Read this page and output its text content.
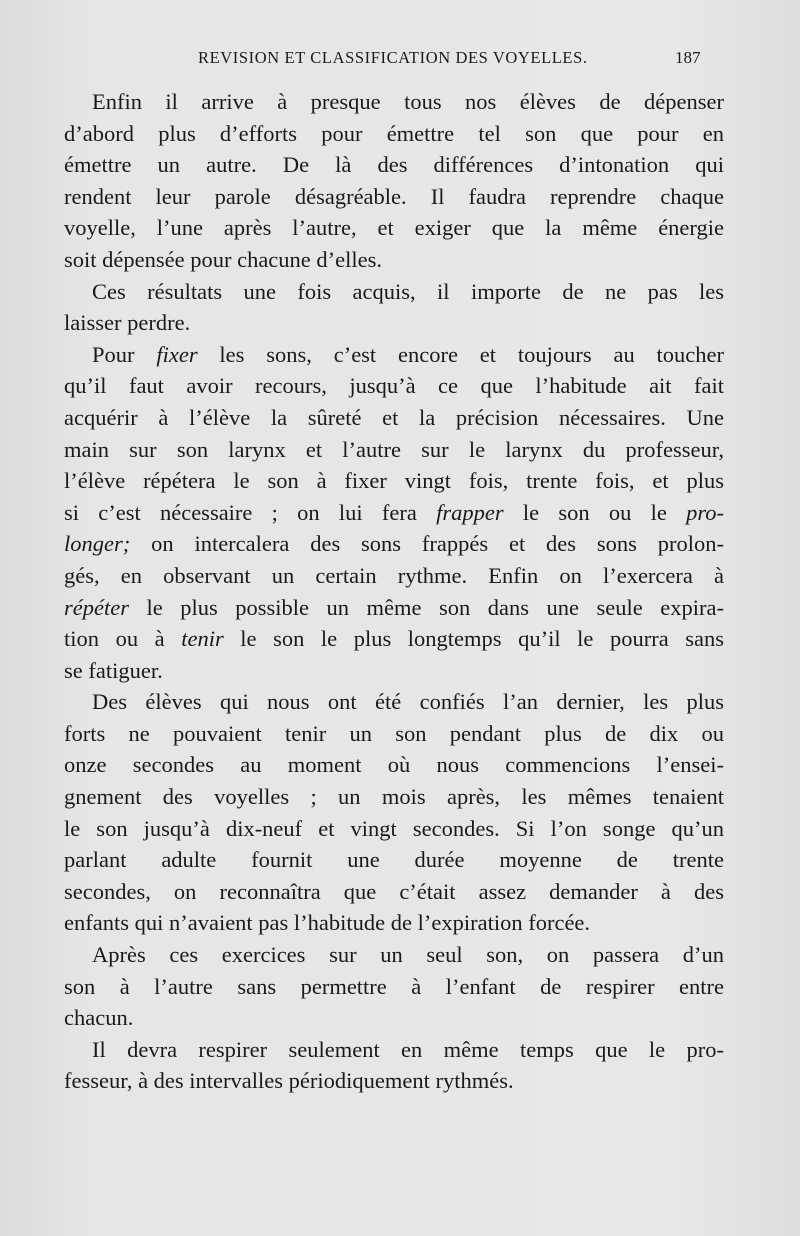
REVISION ET CLASSIFICATION DES VOYELLES.	187
Enfin il arrive à presque tous nos élèves de dépenser
d’abord plus d’efforts pour émettre tel son que pour en
émettre un autre. De là des différences d’intonation qui
rendent leur parole désagréable. Il faudra reprendre chaque
voyelle, l’une après l’autre, et exiger que la même énergie
soit dépensée pour chacune d’elles.
Ces résultats une fois acquis, il importe de ne pas les
laisser perdre.
Pour fixer les sons, c’est encore et toujours au toucher
qu’il faut avoir recours, jusqu’à ce que l’habitude ait fait
acquérir à l’élève la sûreté et la précision nécessaires. Une
main sur son larynx et l’autre sur le larynx du professeur,
l’élève répétera le son à fixer vingt fois, trente fois, et plus
si c’est nécessaire ; on lui fera frapper le son ou le pro-
longer; on intercalera des sons frappés et des sons prolon-
gés, en observant un certain rythme. Enfin on l’exercera à
répéter le plus possible un même son dans une seule expira-
tion ou à tenir le son le plus longtemps qu’il le pourra sans
se fatiguer.
Des élèves qui nous ont été confiés l’an dernier, les plus
forts ne pouvaient tenir un son pendant plus de dix ou
onze secondes au moment où nous commencions l’ensei-
gnement des voyelles ; un mois après, les mêmes tenaient
le son jusqu’à dix-neuf et vingt secondes. Si l’on songe qu’un
parlant adulte fournit une durée moyenne de trente
secondes, on reconnaîtra que c’était assez demander à des
enfants qui n’avaient pas l’habitude de l’expiration forcée.
Après ces exercices sur un seul son, on passera d’un
son à l’autre sans permettre à l’enfant de respirer entre
chacun.
Il devra respirer seulement en même temps que le pro-
fesseur, à des intervalles périodiquement rythmés.
